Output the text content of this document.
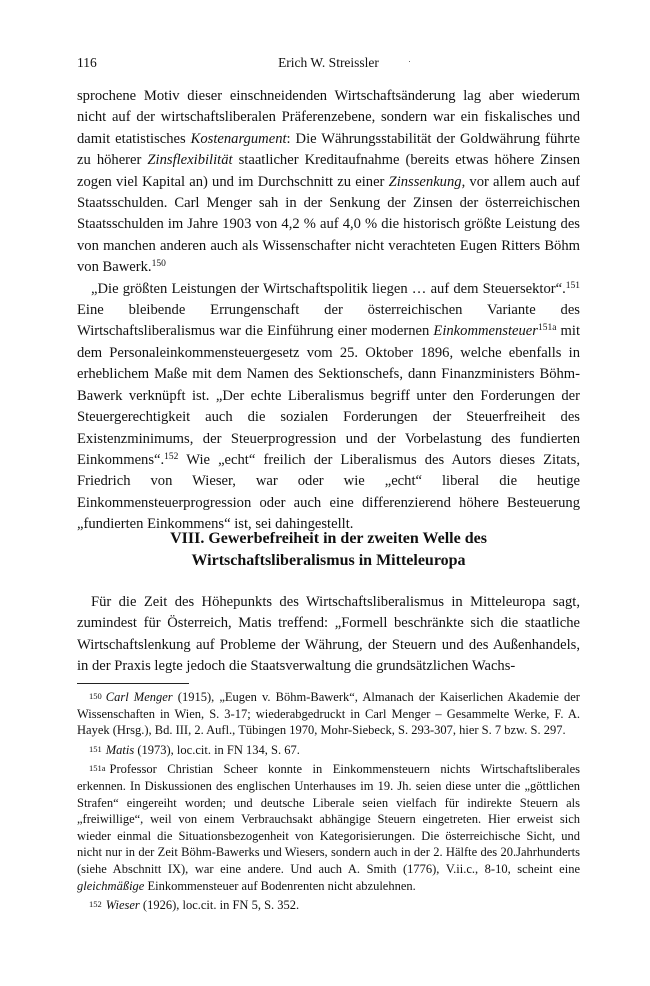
116	Erich W. Streissler

sprochene Motiv dieser einschneidenden Wirtschaftsänderung lag aber wiederum nicht auf der wirtschaftsliberalen Präferenzebene, sondern war ein fiskalisches und damit etatistisches Kostenargument: Die Währungsstabilität der Goldwährung führte zu höherer Zinsflexibilität staatlicher Kreditaufnahme (bereits etwas höhere Zinsen zogen viel Kapital an) und im Durchschnitt zu einer Zinssenkung, vor allem auch auf Staatsschulden. Carl Menger sah in der Senkung der Zinsen der österreichischen Staatsschulden im Jahre 1903 von 4,2 % auf 4,0 % die historisch größte Leistung des von manchen anderen auch als Wissenschafter nicht verachteten Eugen Ritters Böhm von Bawerk.$^{150}$

„Die größten Leistungen der Wirtschaftspolitik liegen … auf dem Steuersektor“.$^{151}$ Eine bleibende Errungenschaft der österreichischen Variante des Wirtschaftsliberalismus war die Einführung einer modernen Einkommensteuer$^{151a}$ mit dem Personaleinkommensteuergesetz vom 25. Oktober 1896, welche ebenfalls in erheblichem Maße mit dem Namen des Sektionschefs, dann Finanzministers Böhm-Bawerk verknüpft ist. „Der echte Liberalismus begriff unter den Forderungen der Steuergerechtigkeit auch die sozialen Forderungen der Steuerfreiheit des Existenzminimums, der Steuerprogression und der Vorbelastung des fundierten Einkommens“.$^{152}$ Wie „echt“ freilich der Liberalismus des Autors dieses Zitats, Friedrich von Wieser, war oder wie „echt“ liberal die heutige Einkommensteuerprogression oder auch eine differenzierend höhere Besteuerung „fundierten Einkommens“ ist, sei dahingestellt.

VIII. Gewerbefreiheit in der zweiten Welle des
Wirtschaftsliberalismus in Mitteleuropa

Für die Zeit des Höhepunkts des Wirtschaftsliberalismus in Mitteleuropa sagt, zumindest für Österreich, Matis treffend: „Formell beschränkte sich die staatliche Wirtschaftslenkung auf Probleme der Währung, der Steuern und des Außenhandels, in der Praxis legte jedoch die Staatsverwaltung die grundsätzlichen Wachs-

150 Carl Menger (1915), „Eugen v. Böhm-Bawerk“, Almanach der Kaiserlichen Akademie der Wissenschaften in Wien, S. 3-17; wiederabgedruckt in Carl Menger – Gesammelte Werke, F. A. Hayek (Hrsg.), Bd. III, 2. Aufl., Tübingen 1970, Mohr-Siebeck, S. 293-307, hier S. 7 bzw. S. 297.

151 Matis (1973), loc.cit. in FN 134, S. 67.

151a Professor Christian Scheer konnte in Einkommensteuern nichts Wirtschaftsliberales erkennen. In Diskussionen des englischen Unterhauses im 19. Jh. seien diese unter die „göttlichen Strafen“ eingereiht worden; und deutsche Liberale seien vielfach für indirekte Steuern als „freiwillige“, weil von einem Verbrauchsakt abhängige Steuern eingetreten. Hier erweist sich wieder einmal die Situationsbezogenheit von Kategorisierungen. Die österreichische Sicht, und nicht nur in der Zeit Böhm-Bawerks und Wiesers, sondern auch in der 2. Hälfte des 20.Jahrhunderts (siehe Abschnitt IX), war eine andere. Und auch A. Smith (1776), V.ii.c., 8-10, scheint eine gleichmäßige Einkommensteuer auf Bodenrenten nicht abzulehnen.

152 Wieser (1926), loc.cit. in FN 5, S. 352.
